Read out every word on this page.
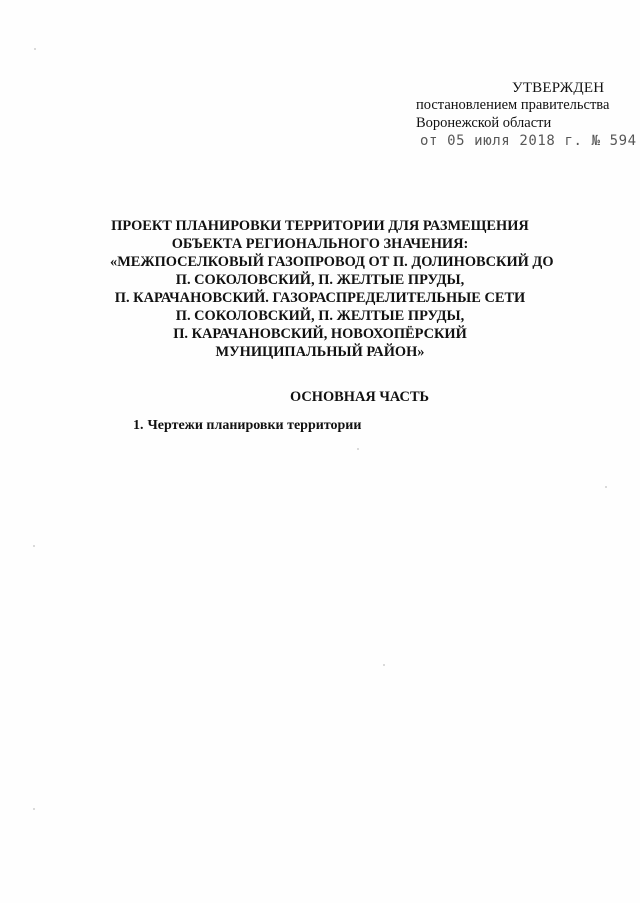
УТВЕРЖДЕН
постановлением правительства
Воронежской области
от 05 июля 2018 г. № 594
ПРОЕКТ ПЛАНИРОВКИ ТЕРРИТОРИИ ДЛЯ РАЗМЕЩЕНИЯ
ОБЪЕКТА РЕГИОНАЛЬНОГО ЗНАЧЕНИЯ:
«МЕЖПОСЕЛКОВЫЙ ГАЗОПРОВОД ОТ П. ДОЛИНОВСКИЙ ДО
П. СОКОЛОВСКИЙ, П. ЖЕЛТЫЕ ПРУДЫ,
П. КАРАЧАНОВСКИЙ. ГАЗОРАСПРЕДЕЛИТЕЛЬНЫЕ СЕТИ
П. СОКОЛОВСКИЙ, П. ЖЕЛТЫЕ ПРУДЫ,
П. КАРАЧАНОВСКИЙ, НОВОХОПЁРСКИЙ
МУНИЦИПАЛЬНЫЙ РАЙОН»
ОСНОВНАЯ ЧАСТЬ
1. Чертежи планировки территории
